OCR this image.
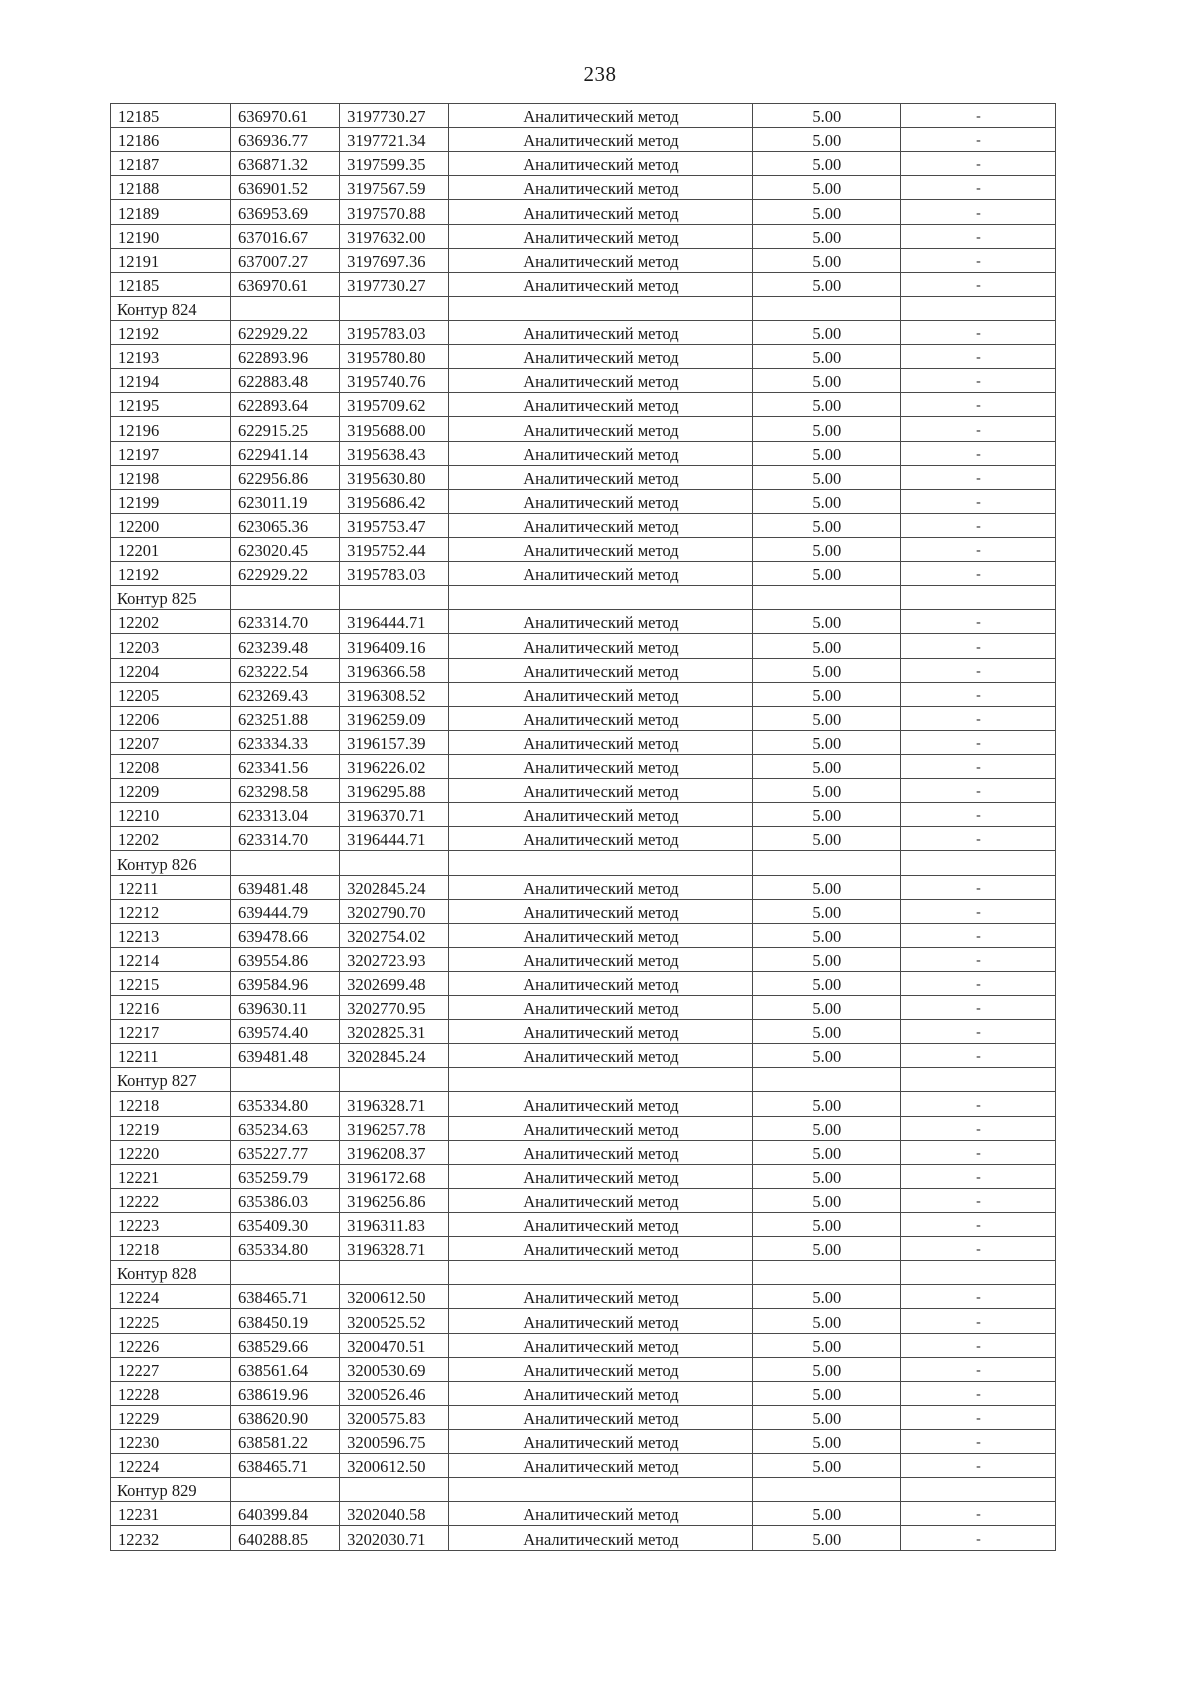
238
12185	636970.61	3197730.27	Аналитический метод	5.00	-
12186	636936.77	3197721.34	Аналитический метод	5.00	-
12187	636871.32	3197599.35	Аналитический метод	5.00	-
12188	636901.52	3197567.59	Аналитический метод	5.00	-
12189	636953.69	3197570.88	Аналитический метод	5.00	-
12190	637016.67	3197632.00	Аналитический метод	5.00	-
12191	637007.27	3197697.36	Аналитический метод	5.00	-
12185	636970.61	3197730.27	Аналитический метод	5.00	-
Контур 824					
12192	622929.22	3195783.03	Аналитический метод	5.00	-
12193	622893.96	3195780.80	Аналитический метод	5.00	-
12194	622883.48	3195740.76	Аналитический метод	5.00	-
12195	622893.64	3195709.62	Аналитический метод	5.00	-
12196	622915.25	3195688.00	Аналитический метод	5.00	-
12197	622941.14	3195638.43	Аналитический метод	5.00	-
12198	622956.86	3195630.80	Аналитический метод	5.00	-
12199	623011.19	3195686.42	Аналитический метод	5.00	-
12200	623065.36	3195753.47	Аналитический метод	5.00	-
12201	623020.45	3195752.44	Аналитический метод	5.00	-
12192	622929.22	3195783.03	Аналитический метод	5.00	-
Контур 825					
12202	623314.70	3196444.71	Аналитический метод	5.00	-
12203	623239.48	3196409.16	Аналитический метод	5.00	-
12204	623222.54	3196366.58	Аналитический метод	5.00	-
12205	623269.43	3196308.52	Аналитический метод	5.00	-
12206	623251.88	3196259.09	Аналитический метод	5.00	-
12207	623334.33	3196157.39	Аналитический метод	5.00	-
12208	623341.56	3196226.02	Аналитический метод	5.00	-
12209	623298.58	3196295.88	Аналитический метод	5.00	-
12210	623313.04	3196370.71	Аналитический метод	5.00	-
12202	623314.70	3196444.71	Аналитический метод	5.00	-
Контур 826					
12211	639481.48	3202845.24	Аналитический метод	5.00	-
12212	639444.79	3202790.70	Аналитический метод	5.00	-
12213	639478.66	3202754.02	Аналитический метод	5.00	-
12214	639554.86	3202723.93	Аналитический метод	5.00	-
12215	639584.96	3202699.48	Аналитический метод	5.00	-
12216	639630.11	3202770.95	Аналитический метод	5.00	-
12217	639574.40	3202825.31	Аналитический метод	5.00	-
12211	639481.48	3202845.24	Аналитический метод	5.00	-
Контур 827					
12218	635334.80	3196328.71	Аналитический метод	5.00	-
12219	635234.63	3196257.78	Аналитический метод	5.00	-
12220	635227.77	3196208.37	Аналитический метод	5.00	-
12221	635259.79	3196172.68	Аналитический метод	5.00	-
12222	635386.03	3196256.86	Аналитический метод	5.00	-
12223	635409.30	3196311.83	Аналитический метод	5.00	-
12218	635334.80	3196328.71	Аналитический метод	5.00	-
Контур 828					
12224	638465.71	3200612.50	Аналитический метод	5.00	-
12225	638450.19	3200525.52	Аналитический метод	5.00	-
12226	638529.66	3200470.51	Аналитический метод	5.00	-
12227	638561.64	3200530.69	Аналитический метод	5.00	-
12228	638619.96	3200526.46	Аналитический метод	5.00	-
12229	638620.90	3200575.83	Аналитический метод	5.00	-
12230	638581.22	3200596.75	Аналитический метод	5.00	-
12224	638465.71	3200612.50	Аналитический метод	5.00	-
Контур 829					
12231	640399.84	3202040.58	Аналитический метод	5.00	-
12232	640288.85	3202030.71	Аналитический метод	5.00	-
